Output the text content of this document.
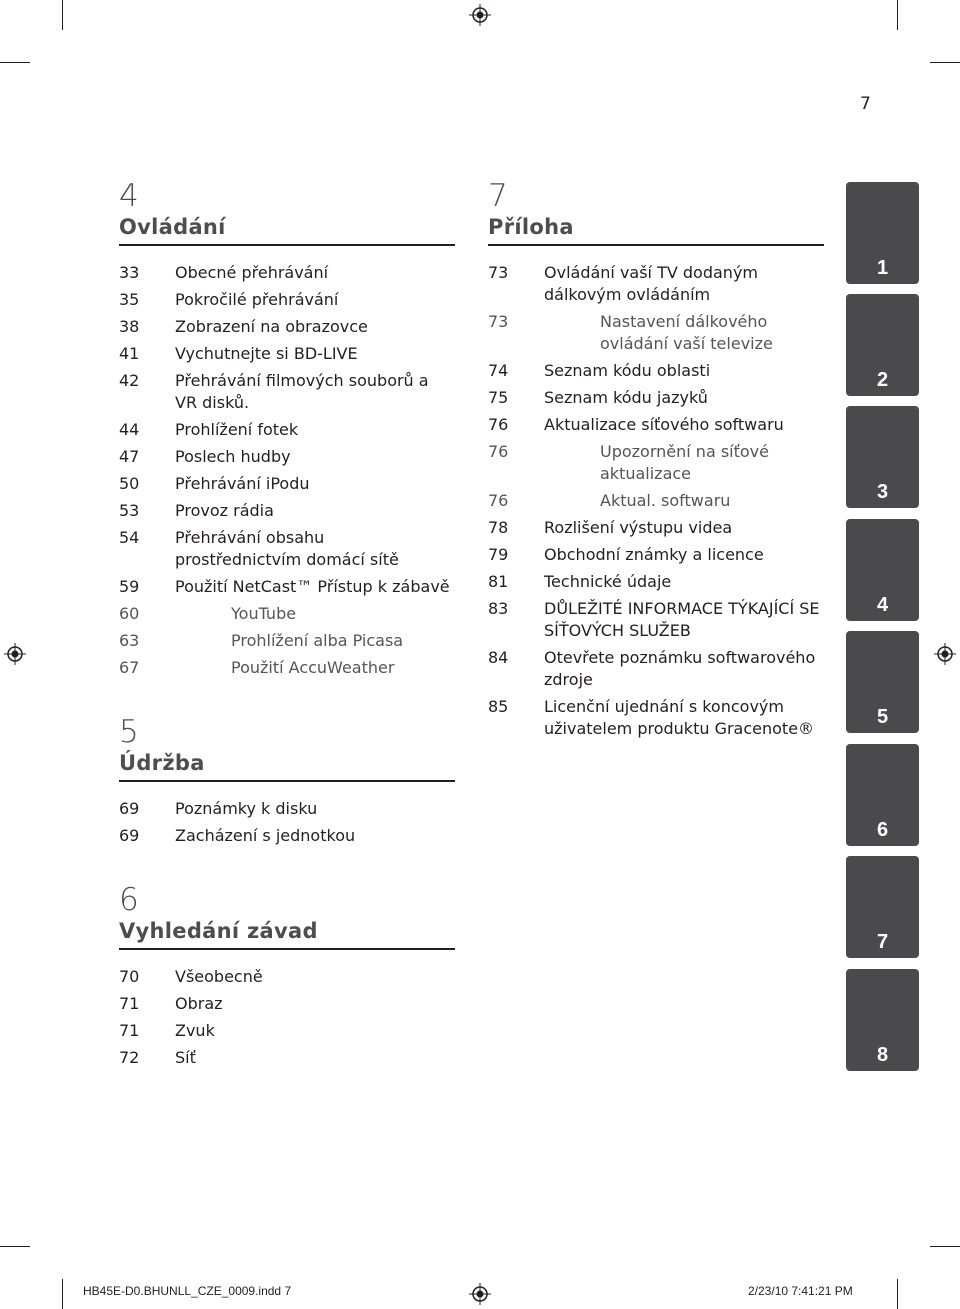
7
4
Ovládání
33	Obecné přehrávání
35	Pokročilé přehrávání
38	Zobrazení na obrazovce
41	Vychutnejte si BD-LIVE
42	Přehrávání filmových souborů a VR disků.
44	Prohlížení fotek
47	Poslech hudby
50	Přehrávání iPodu
53	Provoz rádia
54	Přehrávání obsahu prostřednictvím domácí sítě
59	Použití NetCast™ Přístup k zábavě
60	YouTube
63	Prohlížení alba Picasa
67	Použití AccuWeather
5
Údržba
69	Poznámky k disku
69	Zacházení s jednotkou
6
Vyhledání závad
70	Všeobecně
71	Obraz
71	Zvuk
72	Síť
7
Příloha
73	Ovládání vaší TV dodaným dálkovým ovládáním
73	Nastavení dálkového ovládání vaší televize
74	Seznam kódu oblasti
75	Seznam kódu jazyků
76	Aktualizace síťového softwaru
76	Upozornění na síťové aktualizace
76	Aktual. softwaru
78	Rozlišení výstupu videa
79	Obchodní známky a licence
81	Technické údaje
83	DŮLEŽITÉ INFORMACE TÝKAJÍCÍ SE SÍŤOVÝCH SLUŽEB
84	Otevřete poznámku softwarového zdroje
85	Licenční ujednání s koncovým uživatelem produktu Gracenote®
1
2
3
4
5
6
7
8
HB45E-D0.BHUNLL_CZE_0009.indd 7	2/23/10 7:41:21 PM
